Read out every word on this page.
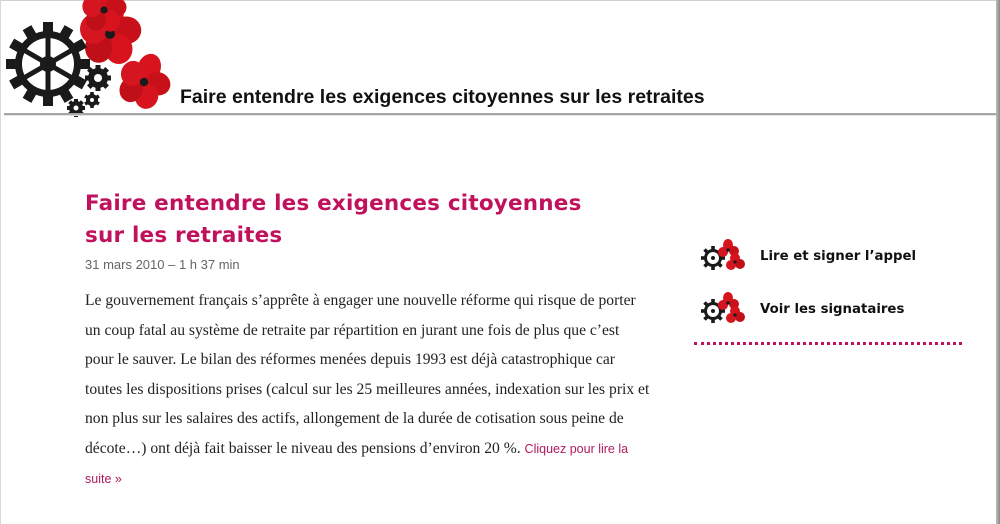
Faire entendre les exigences citoyennes sur les retraites
Faire entendre les exigences citoyennes sur les retraites
31 mars 2010 – 1 h 37 min
Le gouvernement français s’apprête à engager une nouvelle réforme qui risque de porter un coup fatal au système de retraite par répartition en jurant une fois de plus que c’est pour le sauver. Le bilan des réformes menées depuis 1993 est déjà catastrophique car toutes les dispositions prises (calcul sur les 25 meilleures années, indexation sur les prix et non plus sur les salaires des actifs, allongement de la durée de cotisation sous peine de décote…) ont déjà fait baisser le niveau des pensions d’environ 20 %. Cliquez pour lire la suite »
Lire et signer l’appel
Voir les signataires
